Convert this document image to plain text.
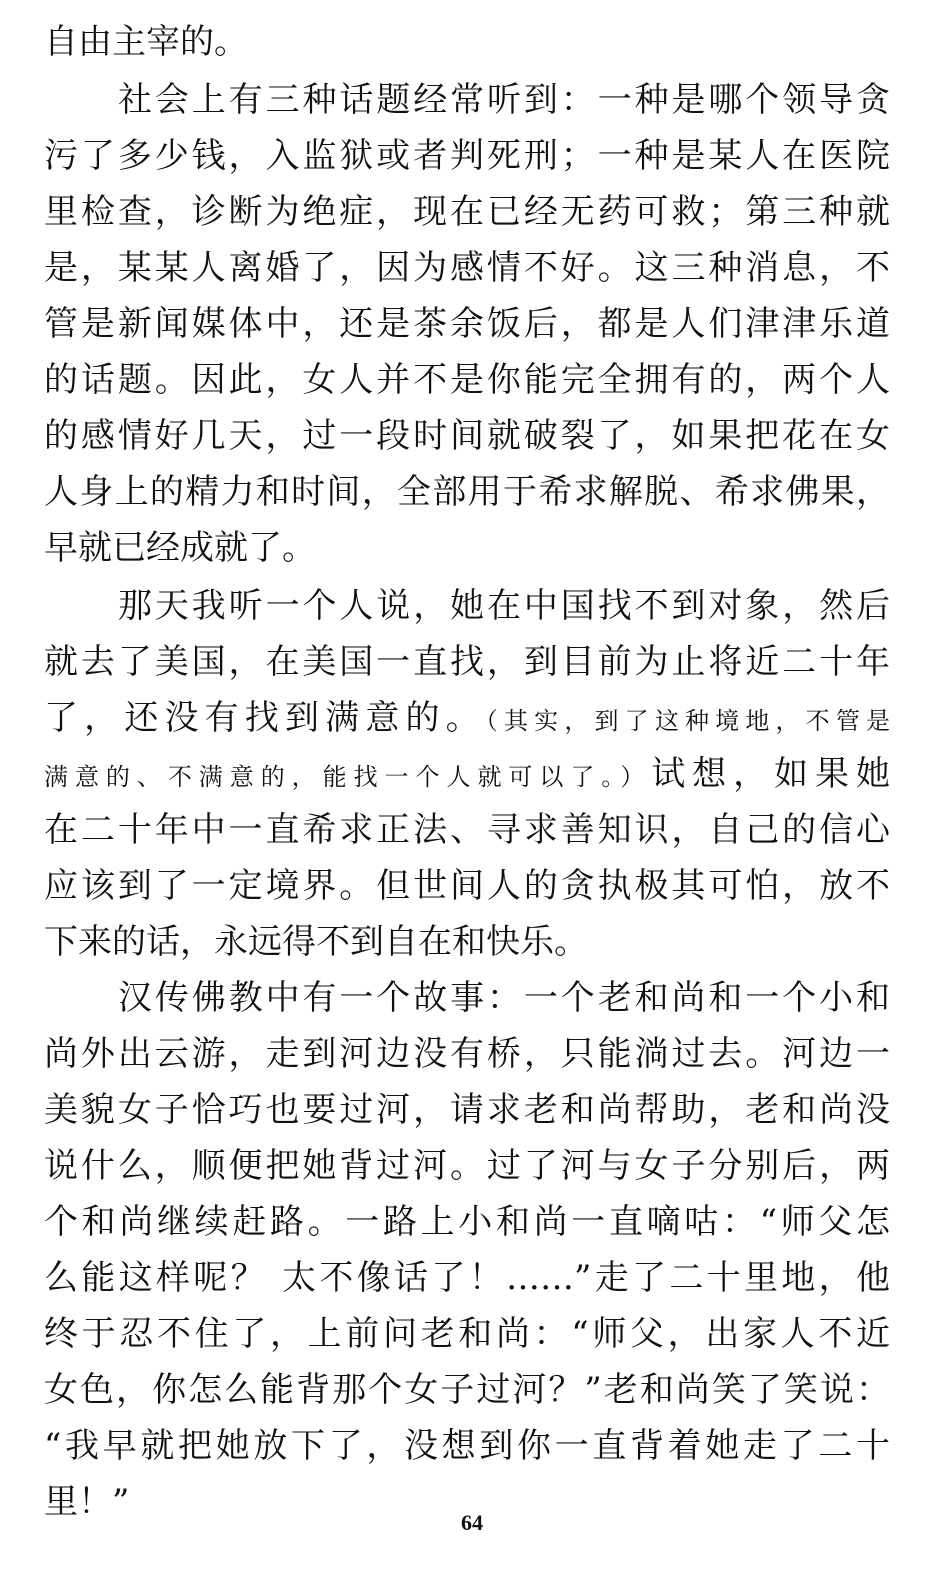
自由主宰的。
社会上有三种话题经常听到：一种是哪个领导贪
污了多少钱，入监狱或者判死刑；一种是某人在医院
里检查，诊断为绝症，现在已经无药可救；第三种就
是，某某人离婚了，因为感情不好。这三种消息，不
管是新闻媒体中，还是茶余饭后，都是人们津津乐道
的话题。因此，女人并不是你能完全拥有的，两个人
的感情好几天，过一段时间就破裂了，如果把花在女
人身上的精力和时间，全部用于希求解脱、希求佛果，
早就已经成就了。
那天我听一个人说，她在中国找不到对象，然后
就去了美国，在美国一直找，到目前为止将近二十年
了，还没有找到满意的。（其实，到了这种境地，不管是
满意的、不满意的，能找一个人就可以了。）试想，如果她
在二十年中一直希求正法、寻求善知识，自己的信心
应该到了一定境界。但世间人的贪执极其可怕，放不
下来的话，永远得不到自在和快乐。
汉传佛教中有一个故事：一个老和尚和一个小和
尚外出云游，走到河边没有桥，只能淌过去。河边一
美貌女子恰巧也要过河，请求老和尚帮助，老和尚没
说什么，顺便把她背过河。过了河与女子分别后，两
个和尚继续赶路。一路上小和尚一直嘀咕：“师父怎
么能这样呢？ 太不像话了！……”走了二十里地，他
终于忍不住了，上前问老和尚：“师父，出家人不近
女色，你怎么能背那个女子过河？”老和尚笑了笑说：
“我早就把她放下了，没想到你一直背着她走了二十
里！”
64
